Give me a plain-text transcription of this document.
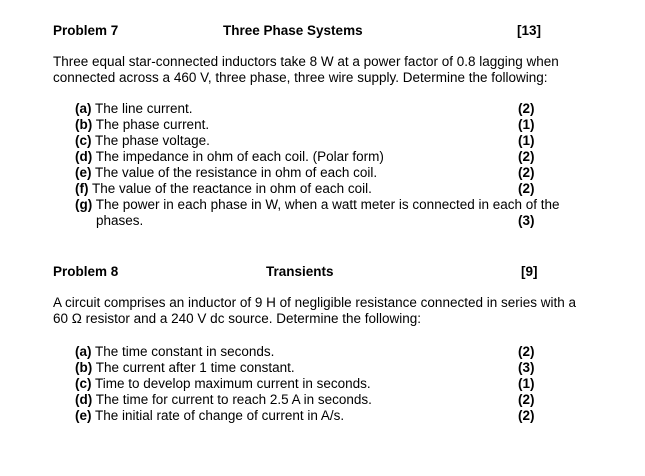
Problem 7	Three Phase Systems	[13]
Three equal star-connected inductors take 8 W at a power factor of 0.8 lagging when connected across a 460 V, three phase, three wire supply. Determine the following:
(a) The line current.	(2)
(b) The phase current.	(1)
(c) The phase voltage.	(1)
(d) The impedance in ohm of each coil. (Polar form)	(2)
(e) The value of the resistance in ohm of each coil.	(2)
(f) The value of the reactance in ohm of each coil.	(2)
(g) The power in each phase in W, when a watt meter is connected in each of the
phases.	(3)
Problem 8	Transients	[9]
A circuit comprises an inductor of 9 H of negligible resistance connected in series with a 60 Ω resistor and a 240 V dc source. Determine the following:
(a) The time constant in seconds.	(2)
(b) The current after 1 time constant.	(3)
(c) Time to develop maximum current in seconds.	(1)
(d) The time for current to reach 2.5 A in seconds.	(2)
(e) The initial rate of change of current in A/s.	(2)
